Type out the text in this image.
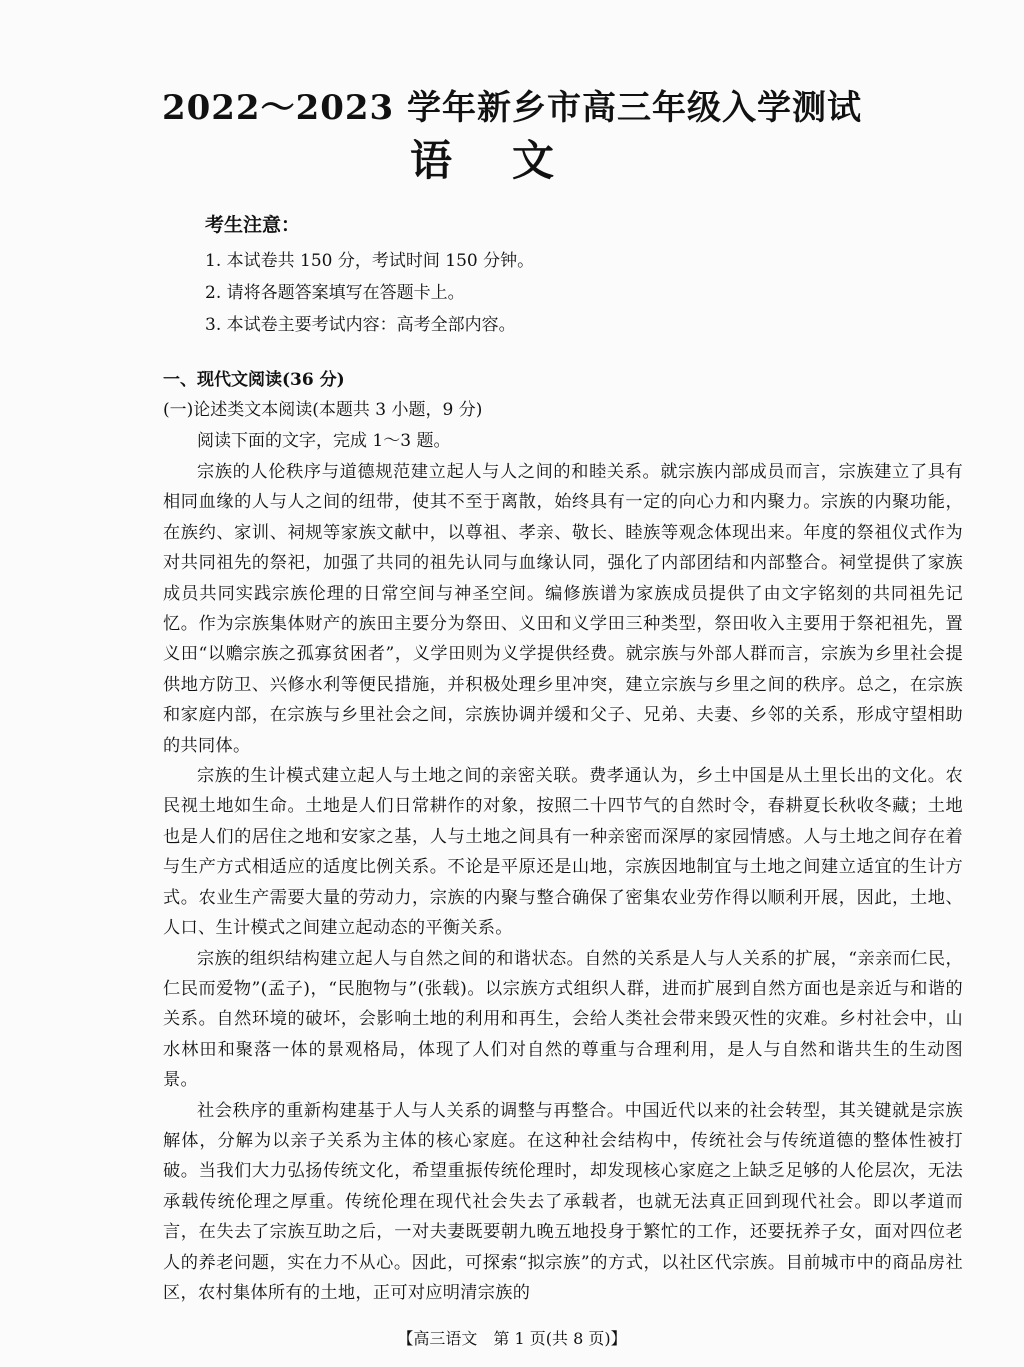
2022～2023 学年新乡市高三年级入学测试
语文
考生注意：
1. 本试卷共 150 分，考试时间 150 分钟。
2. 请将各题答案填写在答题卡上。
3. 本试卷主要考试内容：高考全部内容。
一、现代文阅读(36 分)
(一)论述类文本阅读(本题共 3 小题，9 分)
阅读下面的文字，完成 1～3 题。

宗族的人伦秩序与道德规范建立起人与人之间的和睦关系。就宗族内部成员而言，宗族建立了具有相同血缘的人与人之间的纽带，使其不至于离散，始终具有一定的向心力和内聚力。宗族的内聚功能，在族约、家训、祠规等家族文献中，以尊祖、孝亲、敬长、睦族等观念体现出来。年度的祭祖仪式作为对共同祖先的祭祀，加强了共同的祖先认同与血缘认同，强化了内部团结和内部整合。祠堂提供了家族成员共同实践宗族伦理的日常空间与神圣空间。编修族谱为家族成员提供了由文字铭刻的共同祖先记忆。作为宗族集体财产的族田主要分为祭田、义田和义学田三种类型，祭田收入主要用于祭祀祖先，置义田“以赡宗族之孤寡贫困者”，义学田则为义学提供经费。就宗族与外部人群而言，宗族为乡里社会提供地方防卫、兴修水利等便民措施，并积极处理乡里冲突，建立宗族与乡里之间的秩序。总之，在宗族和家庭内部，在宗族与乡里社会之间，宗族协调并缓和父子、兄弟、夫妻、乡邻的关系，形成守望相助的共同体。

宗族的生计模式建立起人与土地之间的亲密关联。费孝通认为，乡土中国是从土里长出的文化。农民视土地如生命。土地是人们日常耕作的对象，按照二十四节气的自然时令，春耕夏长秋收冬藏；土地也是人们的居住之地和安家之基，人与土地之间具有一种亲密而深厚的家园情感。人与土地之间存在着与生产方式相适应的适度比例关系。不论是平原还是山地，宗族因地制宜与土地之间建立适宜的生计方式。农业生产需要大量的劳动力，宗族的内聚与整合确保了密集农业劳作得以顺利开展，因此，土地、人口、生计模式之间建立起动态的平衡关系。

宗族的组织结构建立起人与自然之间的和谐状态。自然的关系是人与人关系的扩展，“亲亲而仁民，仁民而爱物”(孟子)，“民胞物与”(张载)。以宗族方式组织人群，进而扩展到自然方面也是亲近与和谐的关系。自然环境的破坏，会影响土地的利用和再生，会给人类社会带来毁灭性的灾难。乡村社会中，山水林田和聚落一体的景观格局，体现了人们对自然的尊重与合理利用，是人与自然和谐共生的生动图景。

社会秩序的重新构建基于人与人关系的调整与再整合。中国近代以来的社会转型，其关键就是宗族解体，分解为以亲子关系为主体的核心家庭。在这种社会结构中，传统社会与传统道德的整体性被打破。当我们大力弘扬传统文化，希望重振传统伦理时，却发现核心家庭之上缺乏足够的人伦层次，无法承载传统伦理之厚重。传统伦理在现代社会失去了承载者，也就无法真正回到现代社会。即以孝道而言，在失去了宗族互助之后，一对夫妻既要朝九晚五地投身于繁忙的工作，还要抚养子女，面对四位老人的养老问题，实在力不从心。因此，可探索“拟宗族”的方式，以社区代宗族。目前城市中的商品房社区，农村集体所有的土地，正可对应明清宗族的

【高三语文　第 1 页(共 8 页)】
